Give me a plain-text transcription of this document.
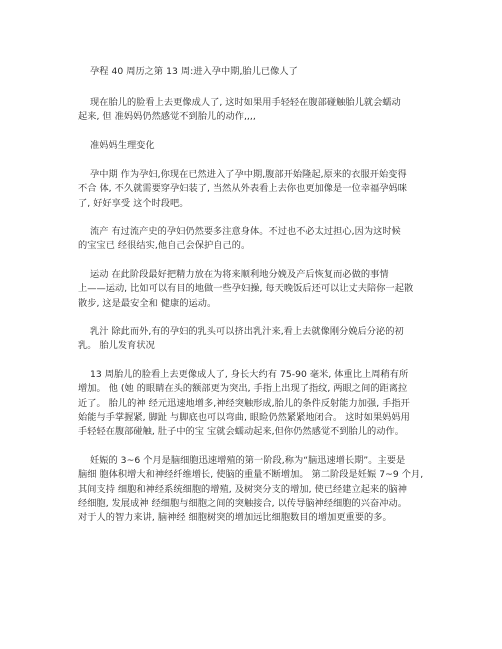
孕程 40 周历之第 13 周:进入孕中期,胎儿已像人了
现在胎儿的脸看上去更像成人了, 这时如果用手轻轻在腹部碰触胎儿就会蠕动
起来, 但 准妈妈仍然感觉不到胎儿的动作,,,,
准妈妈生理变化
孕中期 作为孕妇,你现在已然进入了孕中期,腹部开始隆起,原来的衣服开始变得
不合 体, 不久就需要穿孕妇装了, 当然从外表看上去你也更加像是一位幸福孕妈咪
了, 好好享受 这个时段吧。
流产 有过流产史的孕妇仍然要多注意身体。不过也不必太过担心,因为这时候
的宝宝已 经很结实,他自己会保护自己的。
运动 在此阶段最好把精力放在为将来顺利地分娩及产后恢复而必做的事情
上——运动, 比如可以有目的地做一些孕妇操, 每天晚饭后还可以让丈夫陪你一起散
散步, 这是最安全和 健康的运动。
乳汁 除此而外,有的孕妇的乳头可以挤出乳汁来,看上去就像刚分娩后分泌的初
乳。 胎儿发育状况
13 周胎儿的脸看上去更像成人了, 身长大约有 75-90 毫米, 体重比上周稍有所
增加。 他 (她 的眼睛在头的额部更为突出, 手指上出现了指纹, 两眼之间的距离拉
近了。 胎儿的神 经元迅速地增多,神经突触形成,胎儿的条件反射能力加强, 手指开
始能与手掌握紧, 脚趾 与脚底也可以弯曲, 眼睑仍然紧紧地闭合。 这时如果妈妈用
手轻轻在腹部碰触, 肚子中的宝 宝就会蠕动起来,但你仍然感觉不到胎儿的动作。
妊娠的 3~6 个月是脑细胞迅速增殖的第一阶段,称为“脑迅速增长期”。主要是
脑细 胞体积增大和神经纤维增长, 使脑的重量不断增加。 第二阶段是妊娠 7~9 个月,
其间支持 细胞和神经系统细胞的增殖, 及树突分支的增加, 使已经建立起来的脑神
经细胞, 发展成神 经细胞与细胞之间的突触接合, 以传导脑神经细胞的兴奋冲动。
对于人的智力来讲, 脑神经 细胞树突的增加远比细胞数目的增加更重要的多。
